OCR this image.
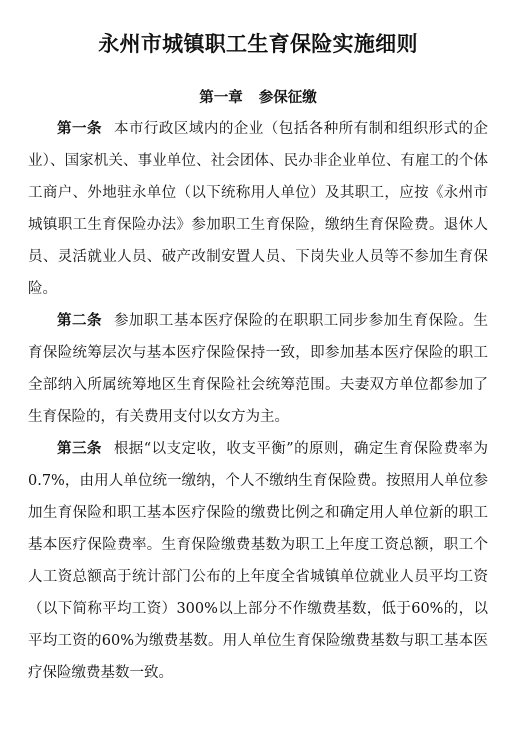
永州市城镇职工生育保险实施细则
第一章 参保征缴

第一条 本市行政区域内的企业（包括各种所有制和组织形式的企业）、国家机关、事业单位、社会团体、民办非企业单位、有雇工的个体工商户、外地驻永单位（以下统称用人单位）及其职工，应按《永州市城镇职工生育保险办法》参加职工生育保险，缴纳生育保险费。退休人员、灵活就业人员、破产改制安置人员、下岗失业人员等不参加生育保险。

第二条 参加职工基本医疗保险的在职职工同步参加生育保险。生育保险统筹层次与基本医疗保险保持一致，即参加基本医疗保险的职工全部纳入所属统筹地区生育保险社会统筹范围。夫妻双方单位都参加了生育保险的，有关费用支付以女方为主。

第三条 根据“以支定收，收支平衡”的原则，确定生育保险费率为0.7%，由用人单位统一缴纳，个人不缴纳生育保险费。按照用人单位参加生育保险和职工基本医疗保险的缴费比例之和确定用人单位新的职工基本医疗保险费率。生育保险缴费基数为职工上年度工资总额，职工个人工资总额高于统计部门公布的上年度全省城镇单位就业人员平均工资（以下简称平均工资）300%以上部分不作缴费基数，低于60%的，以平均工资的60%为缴费基数。用人单位生育保险缴费基数与职工基本医疗保险缴费基数一致。
